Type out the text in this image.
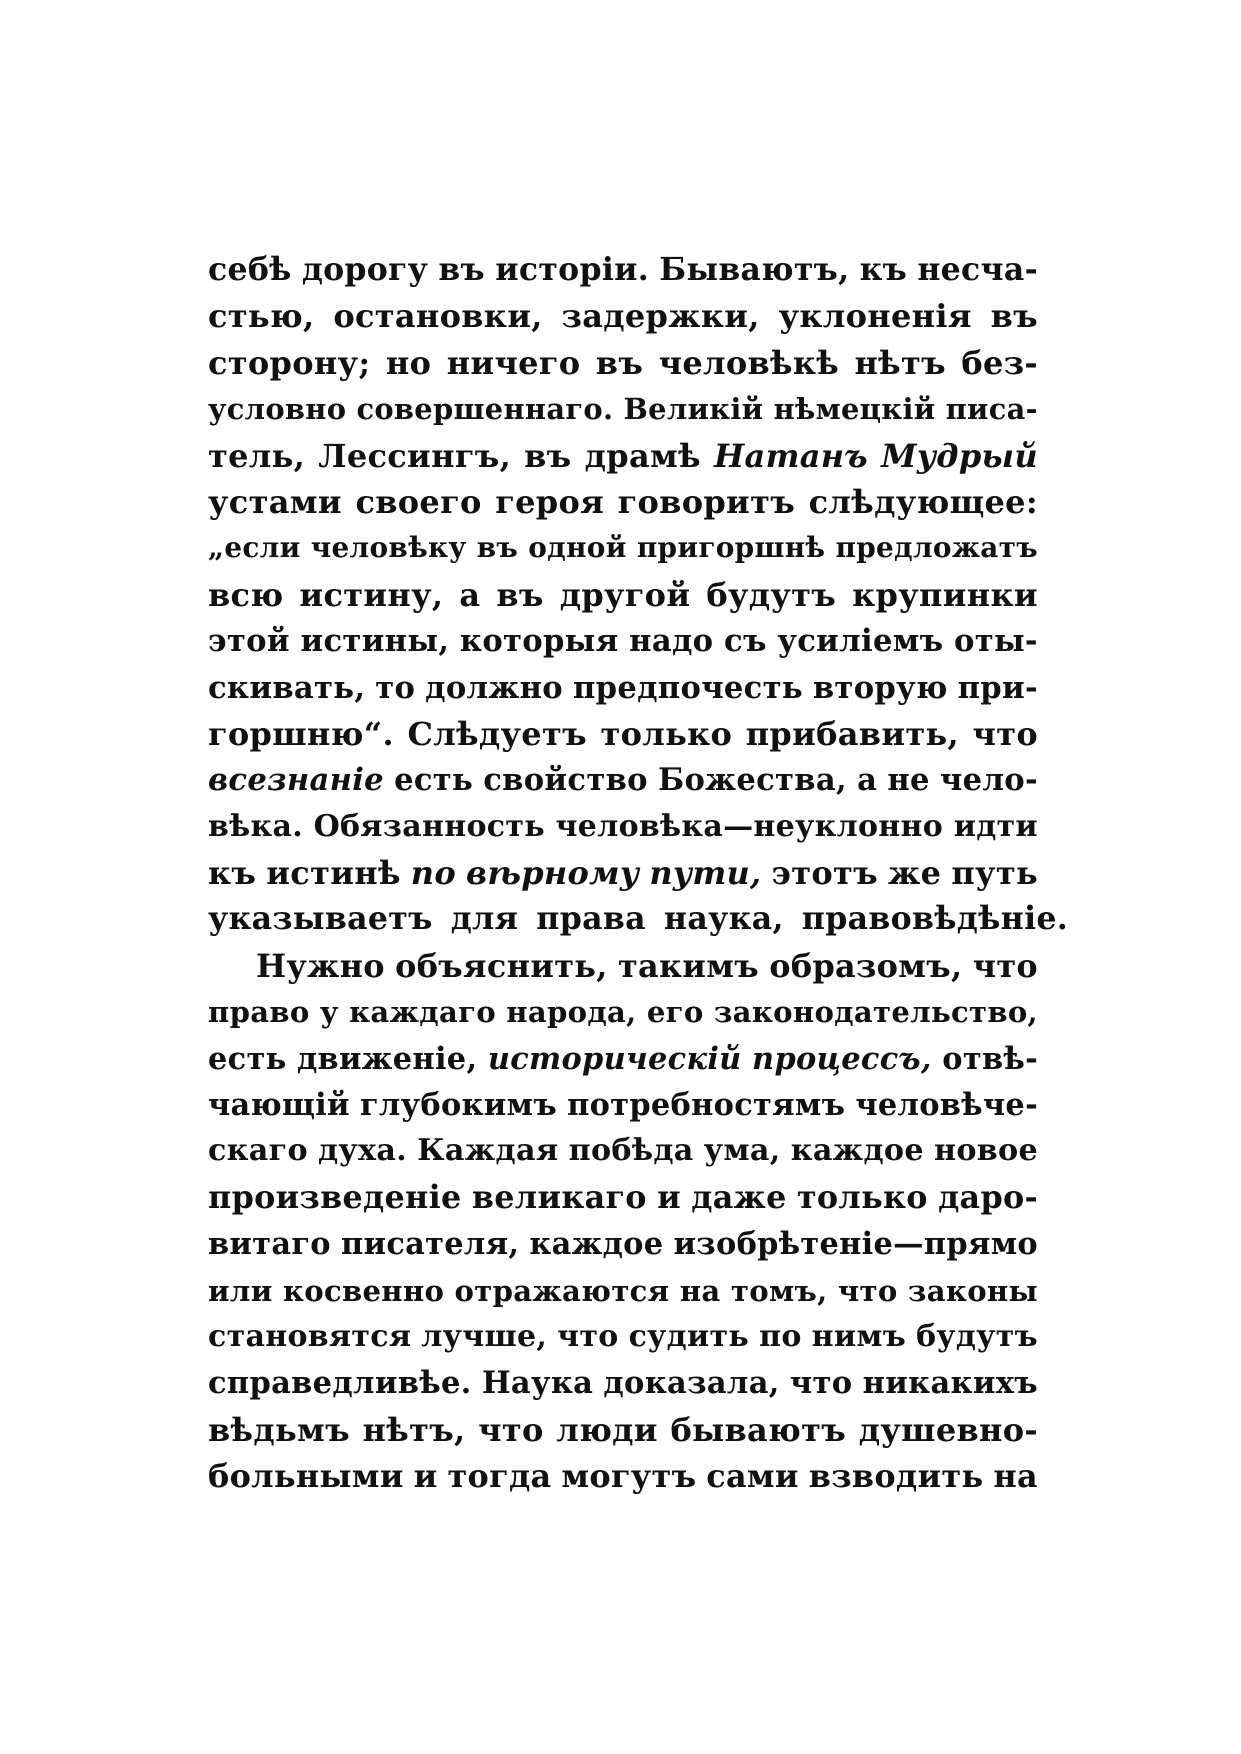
себѣ дорогу въ исторіи. Бываютъ, къ несча-
стью, остановки, задержки, уклоненія въ
сторону; но ничего въ человѣкѣ нѣтъ без-
условно совершеннаго. Великій нѣмецкій писа-
тель, Лессингъ, въ драмѣ Натанъ Мудрый
устами своего героя говоритъ слѣдующее:
„если человѣку въ одной пригоршнѣ предложатъ
всю истину, а въ другой будутъ крупинки
этой истины, которыя надо съ усиліемъ оты-
скивать, то должно предпочесть вторую при-
горшню“. Слѣдуетъ только прибавить, что
всезнаніе есть свойство Божества, а не чело-
вѣка. Обязанность человѣка—неуклонно идти
къ истинѣ по вѣрному пути, этотъ же путь
указываетъ для права наука, правовѣдѣніе.
Нужно объяснить, такимъ образомъ, что
право у каждаго народа, его законодательство,
есть движеніе, историческій процессъ, отвѣ-
чающій глубокимъ потребностямъ человѣче-
скаго духа. Каждая побѣда ума, каждое новое
произведеніе великаго и даже только даро-
витаго писателя, каждое изобрѣтеніе—прямо
или косвенно отражаются на томъ, что законы
становятся лучше, что судить по нимъ будутъ
справедливѣе. Наука доказала, что никакихъ
вѣдьмъ нѣтъ, что люди бываютъ душевно-
больными и тогда могутъ сами взводить на
